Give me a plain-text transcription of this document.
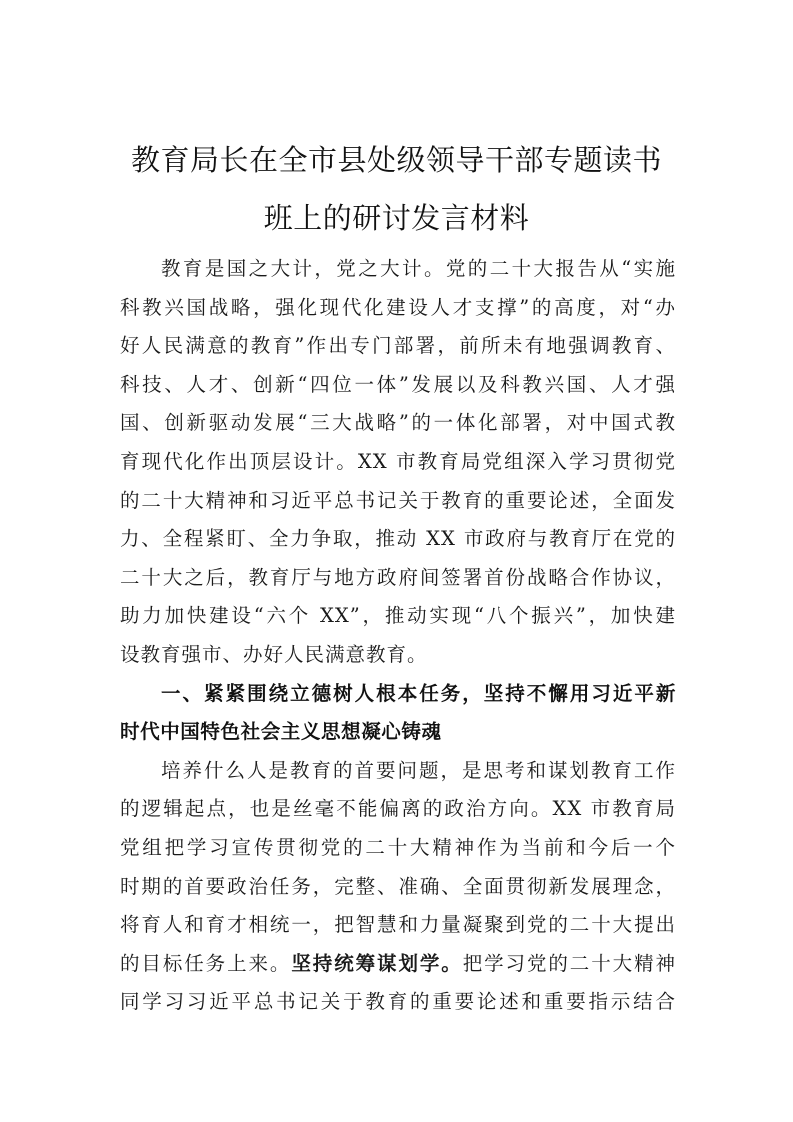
教育局长在全市县处级领导干部专题读书
班上的研讨发言材料
教育是国之大计，党之大计。党的二十大报告从“实施
科教兴国战略，强化现代化建设人才支撑”的高度，对“办
好人民满意的教育”作出专门部署，前所未有地强调教育、
科技、人才、创新“四位一体”发展以及科教兴国、人才强
国、创新驱动发展“三大战略”的一体化部署，对中国式教
育现代化作出顶层设计。XX 市教育局党组深入学习贯彻党
的二十大精神和习近平总书记关于教育的重要论述，全面发
力、全程紧盯、全力争取，推动 XX 市政府与教育厅在党的
二十大之后，教育厅与地方政府间签署首份战略合作协议，
助力加快建设“六个 XX”，推动实现“八个振兴”，加快建
设教育强市、办好人民满意教育。
一、紧紧围绕立德树人根本任务，坚持不懈用习近平新
时代中国特色社会主义思想凝心铸魂
培养什么人是教育的首要问题，是思考和谋划教育工作
的逻辑起点，也是丝毫不能偏离的政治方向。XX 市教育局
党组把学习宣传贯彻党的二十大精神作为当前和今后一个
时期的首要政治任务，完整、准确、全面贯彻新发展理念，
将育人和育才相统一，把智慧和力量凝聚到党的二十大提出
的目标任务上来。坚持统筹谋划学。把学习党的二十大精神
同学习习近平总书记关于教育的重要论述和重要指示结合
